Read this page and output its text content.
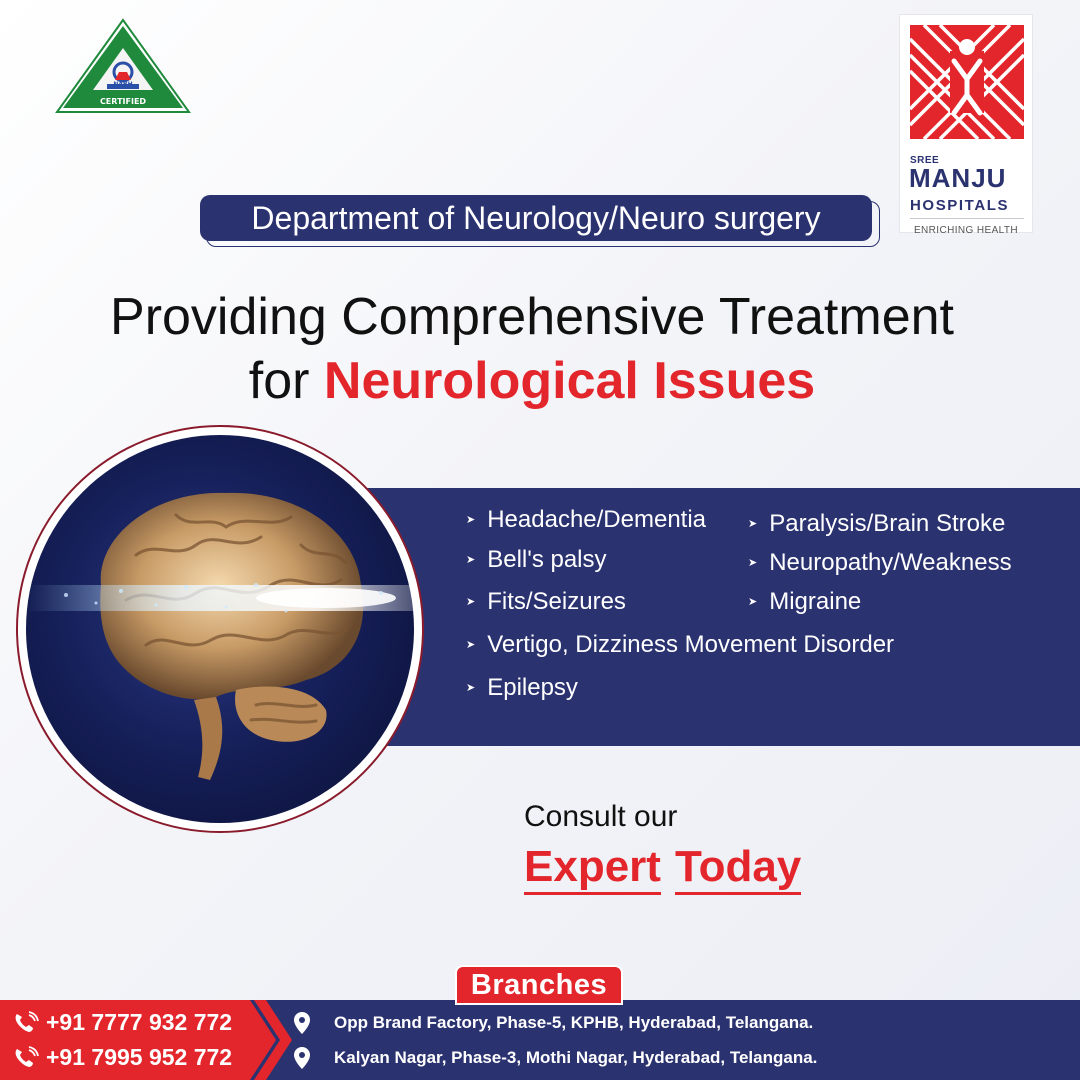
NABH
CERTIFIED
SREE
MANJU
HOSPITALS
ENRICHING HEALTH
Department of Neurology/Neuro surgery
Providing Comprehensive Treatment
for Neurological Issues
➤ Headache/Dementia
➤ Bell's palsy
➤ Fits/Seizures
➤ Vertigo, Dizziness Movement Disorder
➤ Epilepsy
➤ Paralysis/Brain Stroke
➤ Neuropathy/Weakness
➤ Migraine
Consult our
Expert Today
Branches
+91 7777 932 772
+91 7995 952 772
Opp Brand Factory, Phase-5, KPHB, Hyderabad, Telangana.
Kalyan Nagar, Phase-3, Mothi Nagar, Hyderabad, Telangana.
